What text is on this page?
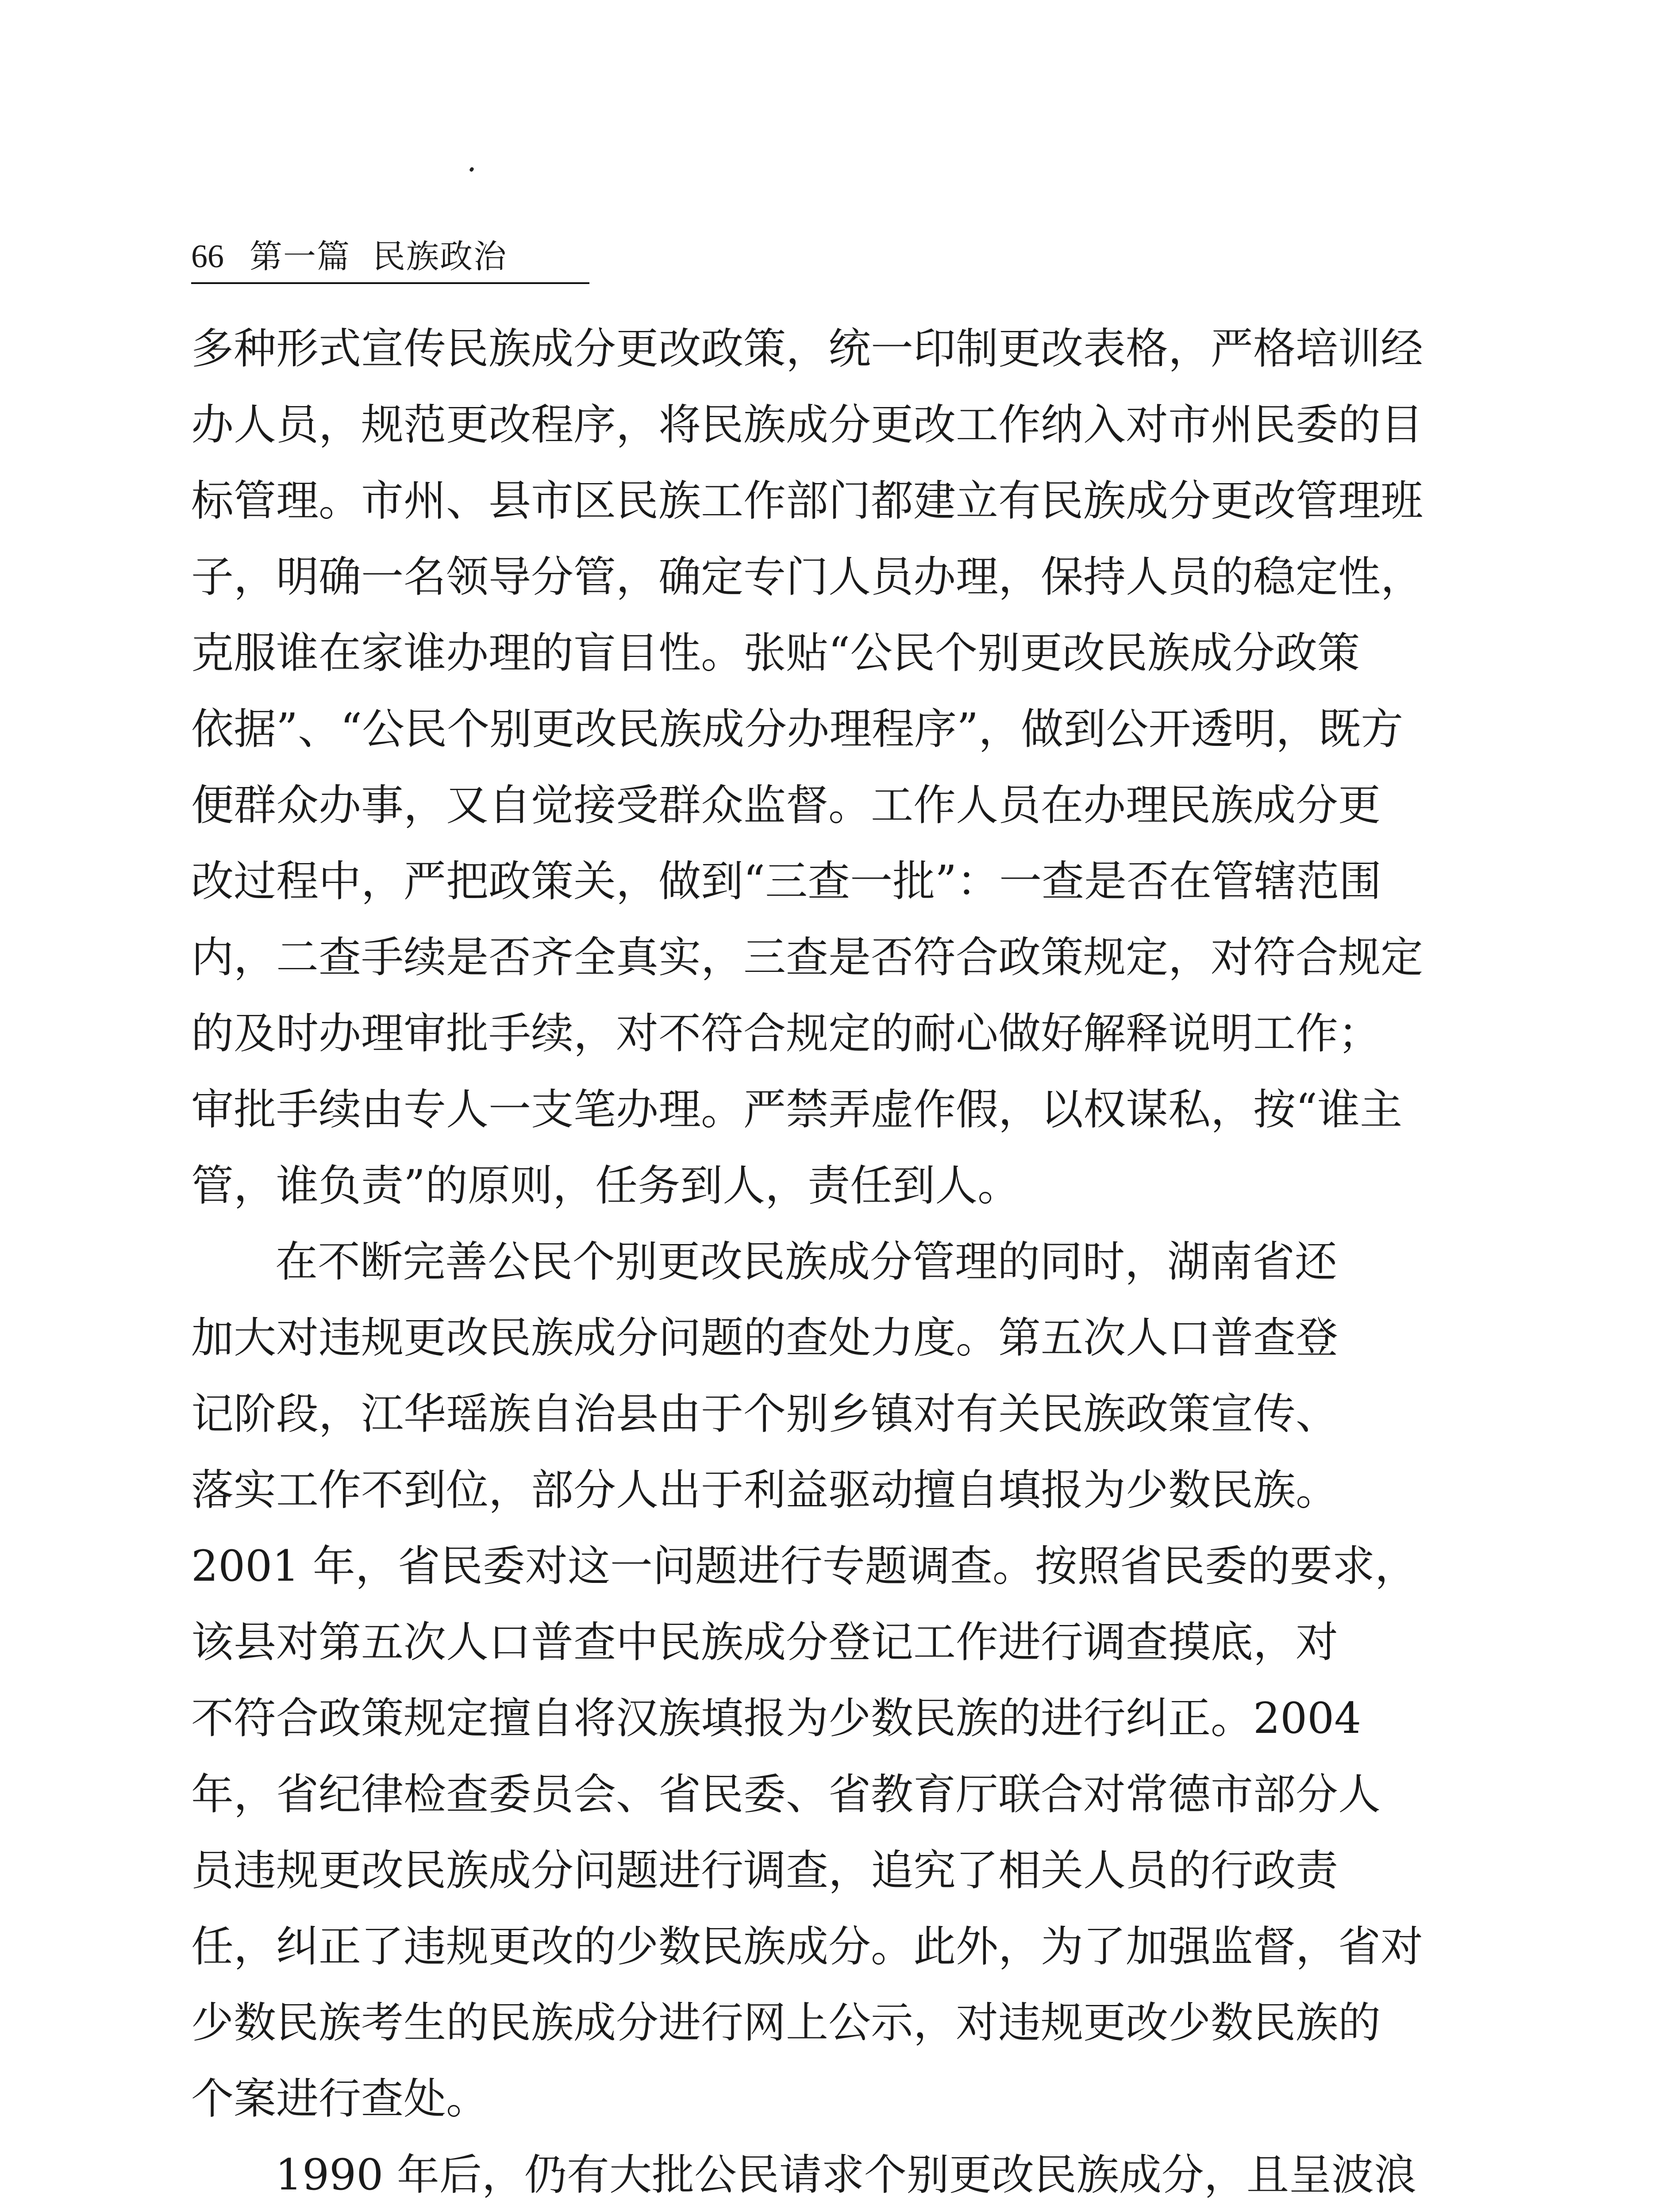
66 第一篇 民族政治
多种形式宣传民族成分更改政策，统一印制更改表格，严格培训经
办人员，规范更改程序，将民族成分更改工作纳入对市州民委的目
标管理。市州、县市区民族工作部门都建立有民族成分更改管理班
子，明确一名领导分管，确定专门人员办理，保持人员的稳定性，
克服谁在家谁办理的盲目性。张贴“公民个别更改民族成分政策
依据”、“公民个别更改民族成分办理程序”，做到公开透明，既方
便群众办事，又自觉接受群众监督。工作人员在办理民族成分更
改过程中，严把政策关，做到“三查一批”：一查是否在管辖范围
内，二查手续是否齐全真实，三查是否符合政策规定，对符合规定
的及时办理审批手续，对不符合规定的耐心做好解释说明工作；
审批手续由专人一支笔办理。严禁弄虚作假，以权谋私，按“谁主
管，谁负责”的原则，任务到人，责任到人。
在不断完善公民个别更改民族成分管理的同时，湖南省还
加大对违规更改民族成分问题的查处力度。第五次人口普查登
记阶段，江华瑶族自治县由于个别乡镇对有关民族政策宣传、
落实工作不到位，部分人出于利益驱动擅自填报为少数民族。
2001 年，省民委对这一问题进行专题调查。按照省民委的要求，
该县对第五次人口普查中民族成分登记工作进行调查摸底，对
不符合政策规定擅自将汉族填报为少数民族的进行纠正。2004
年，省纪律检查委员会、省民委、省教育厅联合对常德市部分人
员违规更改民族成分问题进行调查，追究了相关人员的行政责
任，纠正了违规更改的少数民族成分。此外，为了加强监督，省对
少数民族考生的民族成分进行网上公示，对违规更改少数民族的
个案进行查处。
1990 年后，仍有大批公民请求个别更改民族成分，且呈波浪
